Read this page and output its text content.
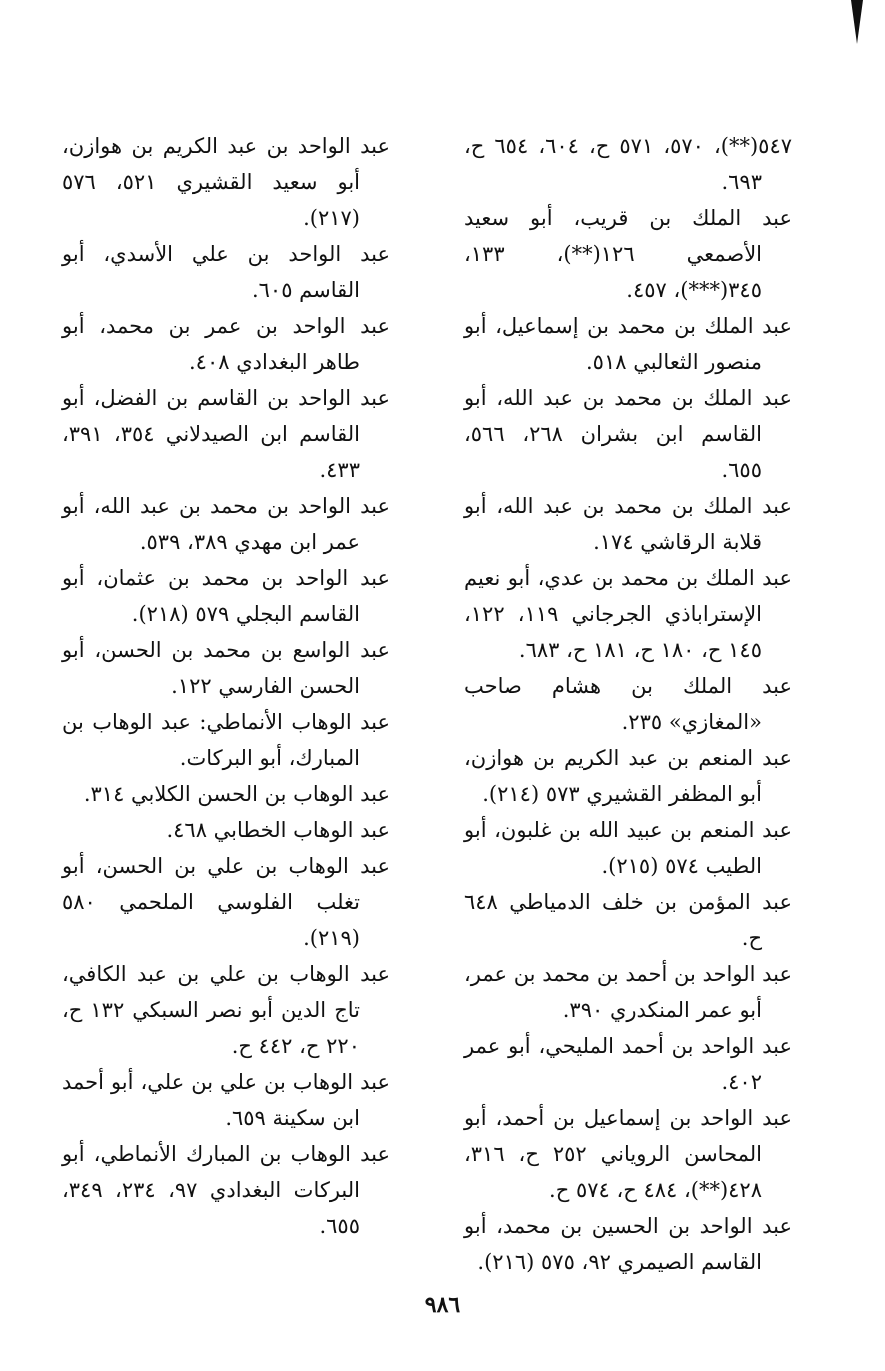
٥٤٧(**)، ٥٧٠، ٥٧١ ح، ٦٠٤، ٦٥٤ ح، ٦٩٣.

عبد الملك بن قريب، أبو سعيد الأصمعي ١٢٦(**)، ١٣٣، ٣٤٥(***)، ٤٥٧.

عبد الملك بن محمد بن إسماعيل، أبو منصور الثعالبي ٥١٨.

عبد الملك بن محمد بن عبد الله، أبو القاسم ابن بشران ٢٦٨، ٥٦٦، ٦٥٥.

عبد الملك بن محمد بن عبد الله، أبو قلابة الرقاشي ١٧٤.

عبد الملك بن محمد بن عدي، أبو نعيم الإستراباذي الجرجاني ١١٩، ١٢٢، ١٤٥ ح، ١٨٠ ح، ١٨١ ح، ٦٨٣.

عبد الملك بن هشام صاحب «المغازي» ٢٣٥.

عبد المنعم بن عبد الكريم بن هوازن، أبو المظفر القشيري ٥٧٣ (٢١٤).

عبد المنعم بن عبيد الله بن غلبون، أبو الطيب ٥٧٤ (٢١٥).

عبد المؤمن بن خلف الدمياطي ٦٤٨ ح.

عبد الواحد بن أحمد بن محمد بن عمر، أبو عمر المنكدري ٣٩٠.

عبد الواحد بن أحمد المليحي، أبو عمر ٤٠٢.

عبد الواحد بن إسماعيل بن أحمد، أبو المحاسن الروياني ٢٥٢ ح، ٣١٦، ٤٢٨(**)، ٤٨٤ ح، ٥٧٤ ح.

عبد الواحد بن الحسين بن محمد، أبو القاسم الصيمري ٩٢، ٥٧٥ (٢١٦).

عبد الواحد بن عبد الكريم بن هوازن، أبو سعيد القشيري ٥٢١، ٥٧٦ (٢١٧).

عبد الواحد بن علي الأسدي، أبو القاسم ٦٠٥.

عبد الواحد بن عمر بن محمد، أبو طاهر البغدادي ٤٠٨.

عبد الواحد بن القاسم بن الفضل، أبو القاسم ابن الصيدلاني ٣٥٤، ٣٩١، ٤٣٣.

عبد الواحد بن محمد بن عبد الله، أبو عمر ابن مهدي ٣٨٩، ٥٣٩.

عبد الواحد بن محمد بن عثمان، أبو القاسم البجلي ٥٧٩ (٢١٨).

عبد الواسع بن محمد بن الحسن، أبو الحسن الفارسي ١٢٢.

عبد الوهاب الأنماطي: عبد الوهاب بن المبارك، أبو البركات.

عبد الوهاب بن الحسن الكلابي ٣١٤.

عبد الوهاب الخطابي ٤٦٨.

عبد الوهاب بن علي بن الحسن، أبو تغلب الفلوسي الملحمي ٥٨٠ (٢١٩).

عبد الوهاب بن علي بن عبد الكافي، تاج الدين أبو نصر السبكي ١٣٢ ح، ٢٢٠ ح، ٤٤٢ ح.

عبد الوهاب بن علي بن علي، أبو أحمد ابن سكينة ٦٥٩.

عبد الوهاب بن المبارك الأنماطي، أبو البركات البغدادي ٩٧، ٢٣٤، ٣٤٩، ٦٥٥.

٩٨٦
